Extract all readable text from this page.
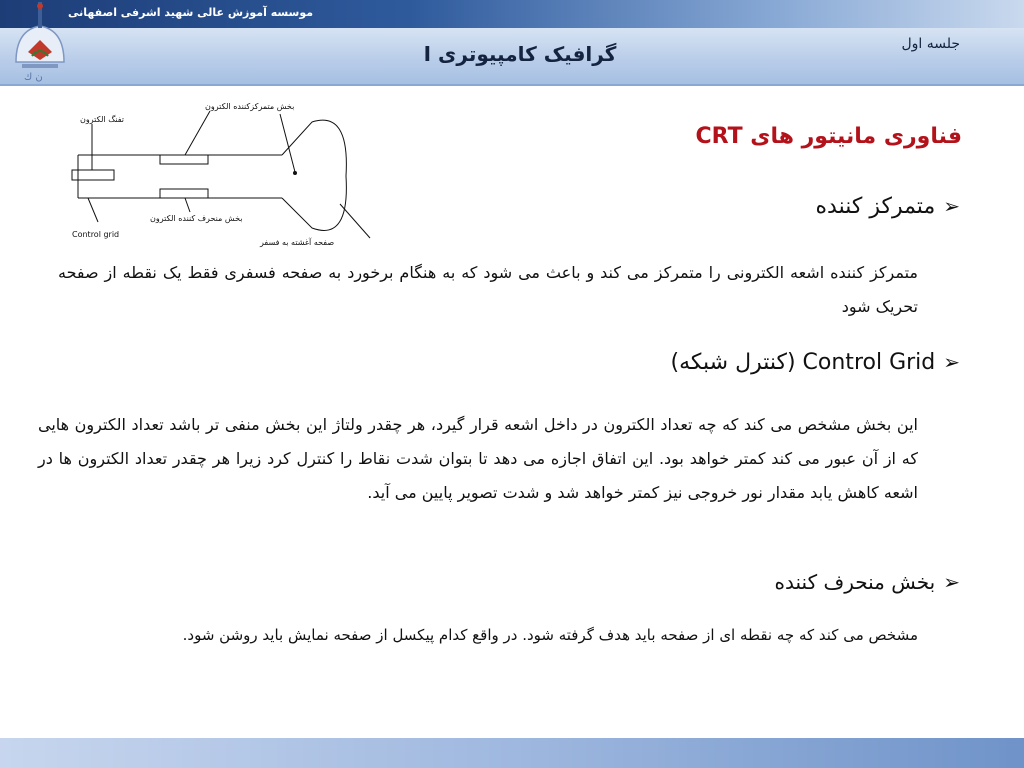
موسسه آموزش عالی شهید اشرفی اصفهانی
ن ك
گرافیک کامپیوتری I	جلسه اول
تفنگ الکترون
بخش متمرکزکننده الکترون
بخش منحرف کننده الکترون
Control grid
صفحه آغشته به فسفر
فناوری مانیتور های CRT
➢متمرکز کننده
متمرکز کننده اشعه الکترونی را متمرکز می کند و باعث می شود که به هنگام برخورد به صفحه فسفری فقط یک نقطه از صفحه تحریک شود
➢Control Grid (کنترل شبکه)
این بخش مشخص می کند که چه تعداد الکترون در داخل اشعه قرار گیرد، هر چقدر ولتاژ این بخش منفی تر باشد تعداد الکترون هایی که از آن عبور می کند کمتر خواهد بود. این اتفاق اجازه می دهد تا بتوان شدت نقاط را کنترل کرد زیرا هر چقدر تعداد الکترون ها در اشعه کاهش یابد مقدار نور خروجی نیز کمتر خواهد شد و شدت تصویر پایین می آید.
➢بخش منحرف کننده
مشخص می کند که چه نقطه ای از صفحه باید هدف گرفته شود. در واقع کدام پیکسل از صفحه نمایش باید روشن شود.
